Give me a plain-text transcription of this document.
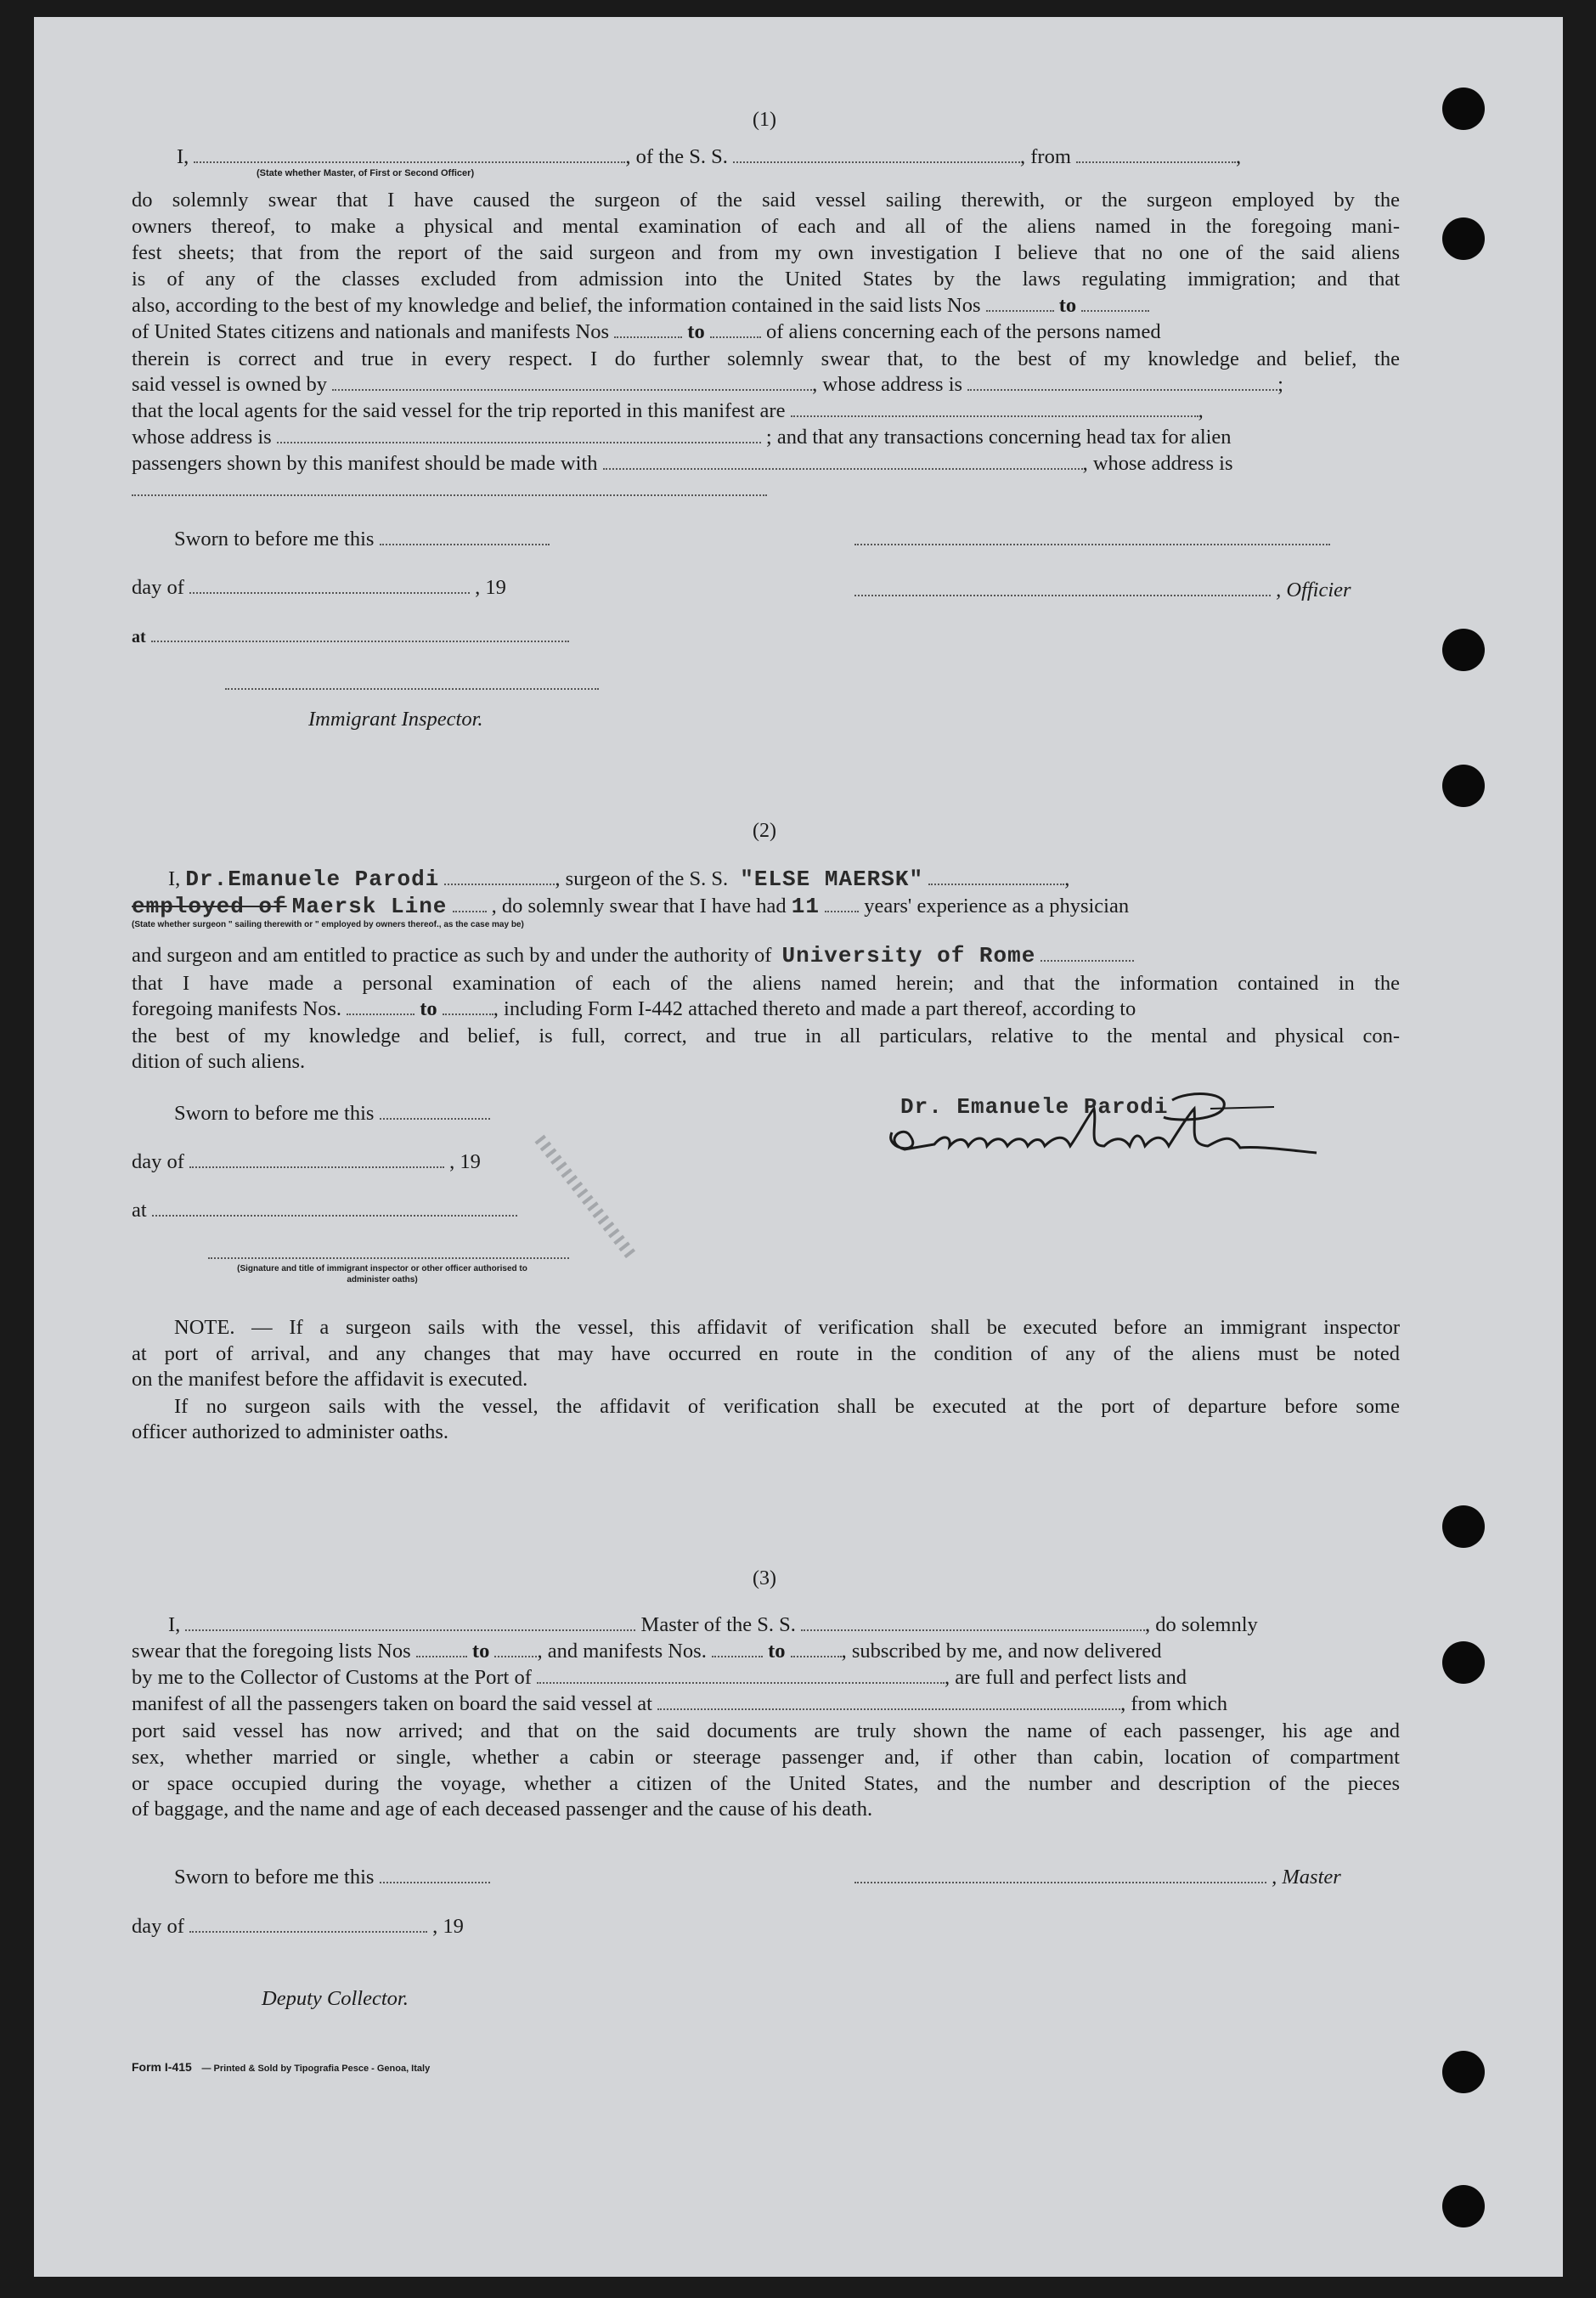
(1)
I,	, of the S. S.	, from	,
(State whether Master, of First or Second Officer)
do solemnly swear that I have caused the surgeon of the said vessel sailing therewith, or the surgeon employed by the
owners thereof, to make a physical and mental examination of each and all of the aliens named in the foregoing mani-
fest sheets; that from the report of the said surgeon and from my own investigation I believe that no one of the said aliens
is of any of the classes excluded from admission into the United States by the laws regulating immigration; and that
also, according to the best of my knowledge and belief, the information contained in the said lists Nos	to
of United States citizens and nationals and manifests Nos	to	of aliens concerning each of the persons named
therein is correct and true in every respect. I do further solemnly swear that, to the best of my knowledge and belief, the
said vessel is owned by	, whose address is	;
that the local agents for the said vessel for the trip reported in this manifest are	,
whose address is	; and that any transactions concerning head tax for alien
passengers shown by this manifest should be made with	, whose address is
Sworn to before me this
day of	, 19	, Officier
at
Immigrant Inspector.
(2)
I, Dr.Emanuele Parodi	, surgeon of the S. S. "ELSE MAERSK"	,
employed of Maersk Line , do solemnly swear that I have had 11 years' experience as a physician
(State whether surgeon " sailing therewith or " employed by owners thereof., as the case may be)
and surgeon and am entitled to practice as such by and under the authority of University of Rome
that I have made a personal examination of each of the aliens named herein; and that the information contained in the
foregoing manifests Nos.	to	, including Form I-442 attached thereto and made a part thereof, according to
the best of my knowledge and belief, is full, correct, and true in all particulars, relative to the mental and physical con-
dition of such aliens.
Sworn to before me this
day of	, 19
at
(Signature and title of immigrant inspector or other officer authorised to administer oaths)
Dr. Emanuele Parodi
NOTE. — If a surgeon sails with the vessel, this affidavit of verification shall be executed before an immigrant inspector
at port of arrival, and any changes that may have occurred en route in the condition of any of the aliens must be noted
on the manifest before the affidavit is executed.
If no surgeon sails with the vessel, the affidavit of verification shall be executed at the port of departure before some
officer authorized to administer oaths.
(3)
I,	Master of the S. S.	, do solemnly
swear that the foregoing lists Nos	to , and manifests Nos.	to	, subscribed by me, and now delivered
by me to the Collector of Customs at the Port of	, are full and perfect lists and
manifest of all the passengers taken on board the said vessel at	, from which
port said vessel has now arrived; and that on the said documents are truly shown the name of each passenger, his age and
sex, whether married or single, whether a cabin or steerage passenger and, if other than cabin, location of compartment
or space occupied during the voyage, whether a citizen of the United States, and the number and description of the pieces
of baggage, and the name and age of each deceased passenger and the cause of his death.
Sworn to before me this	, Master
day of	, 19
Deputy Collector.
Form I-415 — Printed & Sold by Tipografia Pesce - Genoa, Italy
